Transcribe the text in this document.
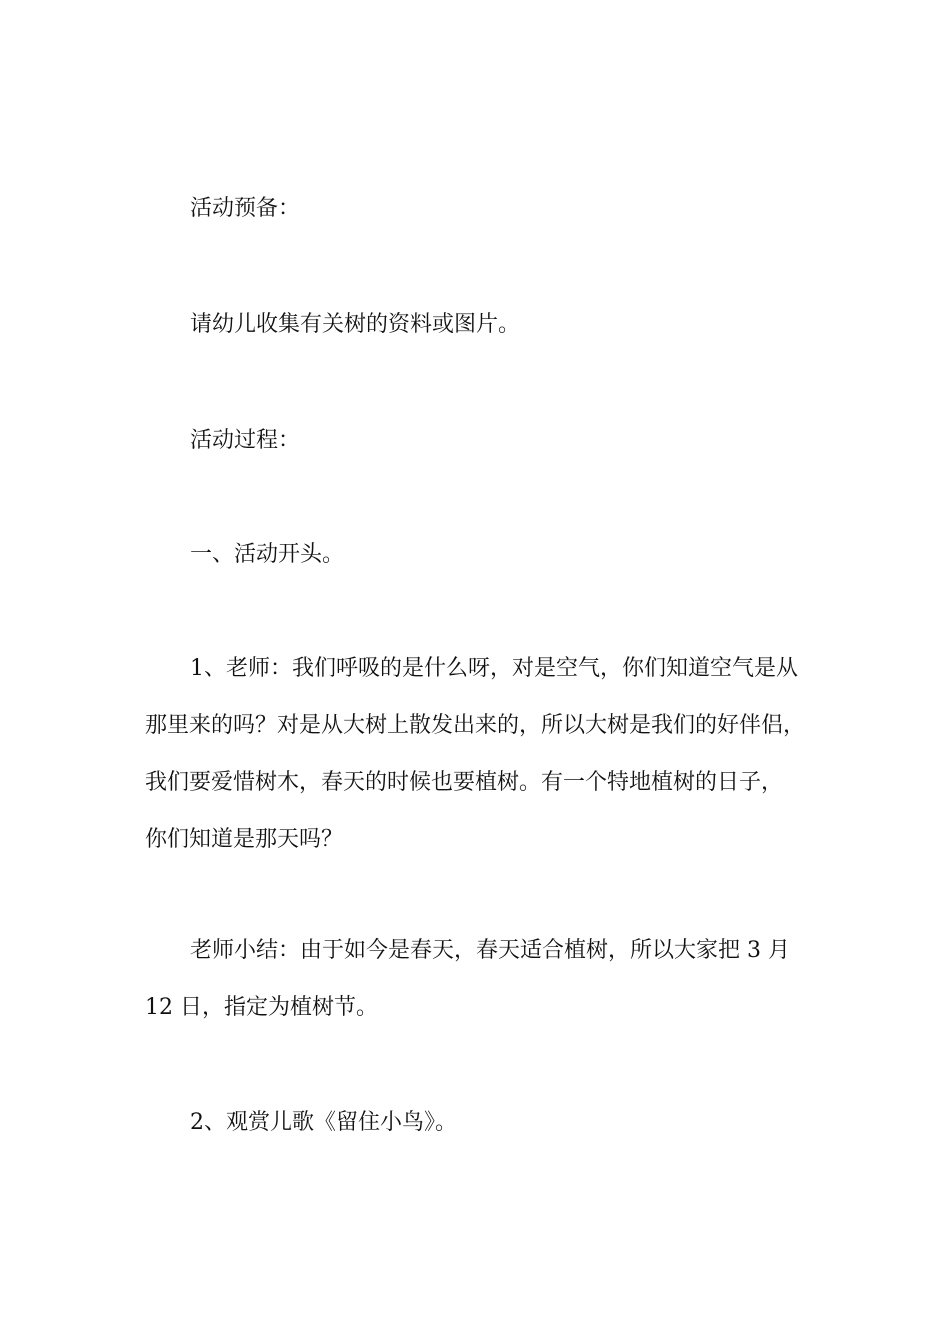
活动预备：

请幼儿收集有关树的资料或图片。

活动过程：

一、活动开头。

1、老师：我们呼吸的是什么呀，对是空气，你们知道空气是从
那里来的吗？对是从大树上散发出来的，所以大树是我们的好伴侣，
我们要爱惜树木，春天的时候也要植树。有一个特地植树的日子，
你们知道是那天吗？

老师小结：由于如今是春天，春天适合植树，所以大家把 3 月
12 日，指定为植树节。

2、观赏儿歌《留住小鸟》。
